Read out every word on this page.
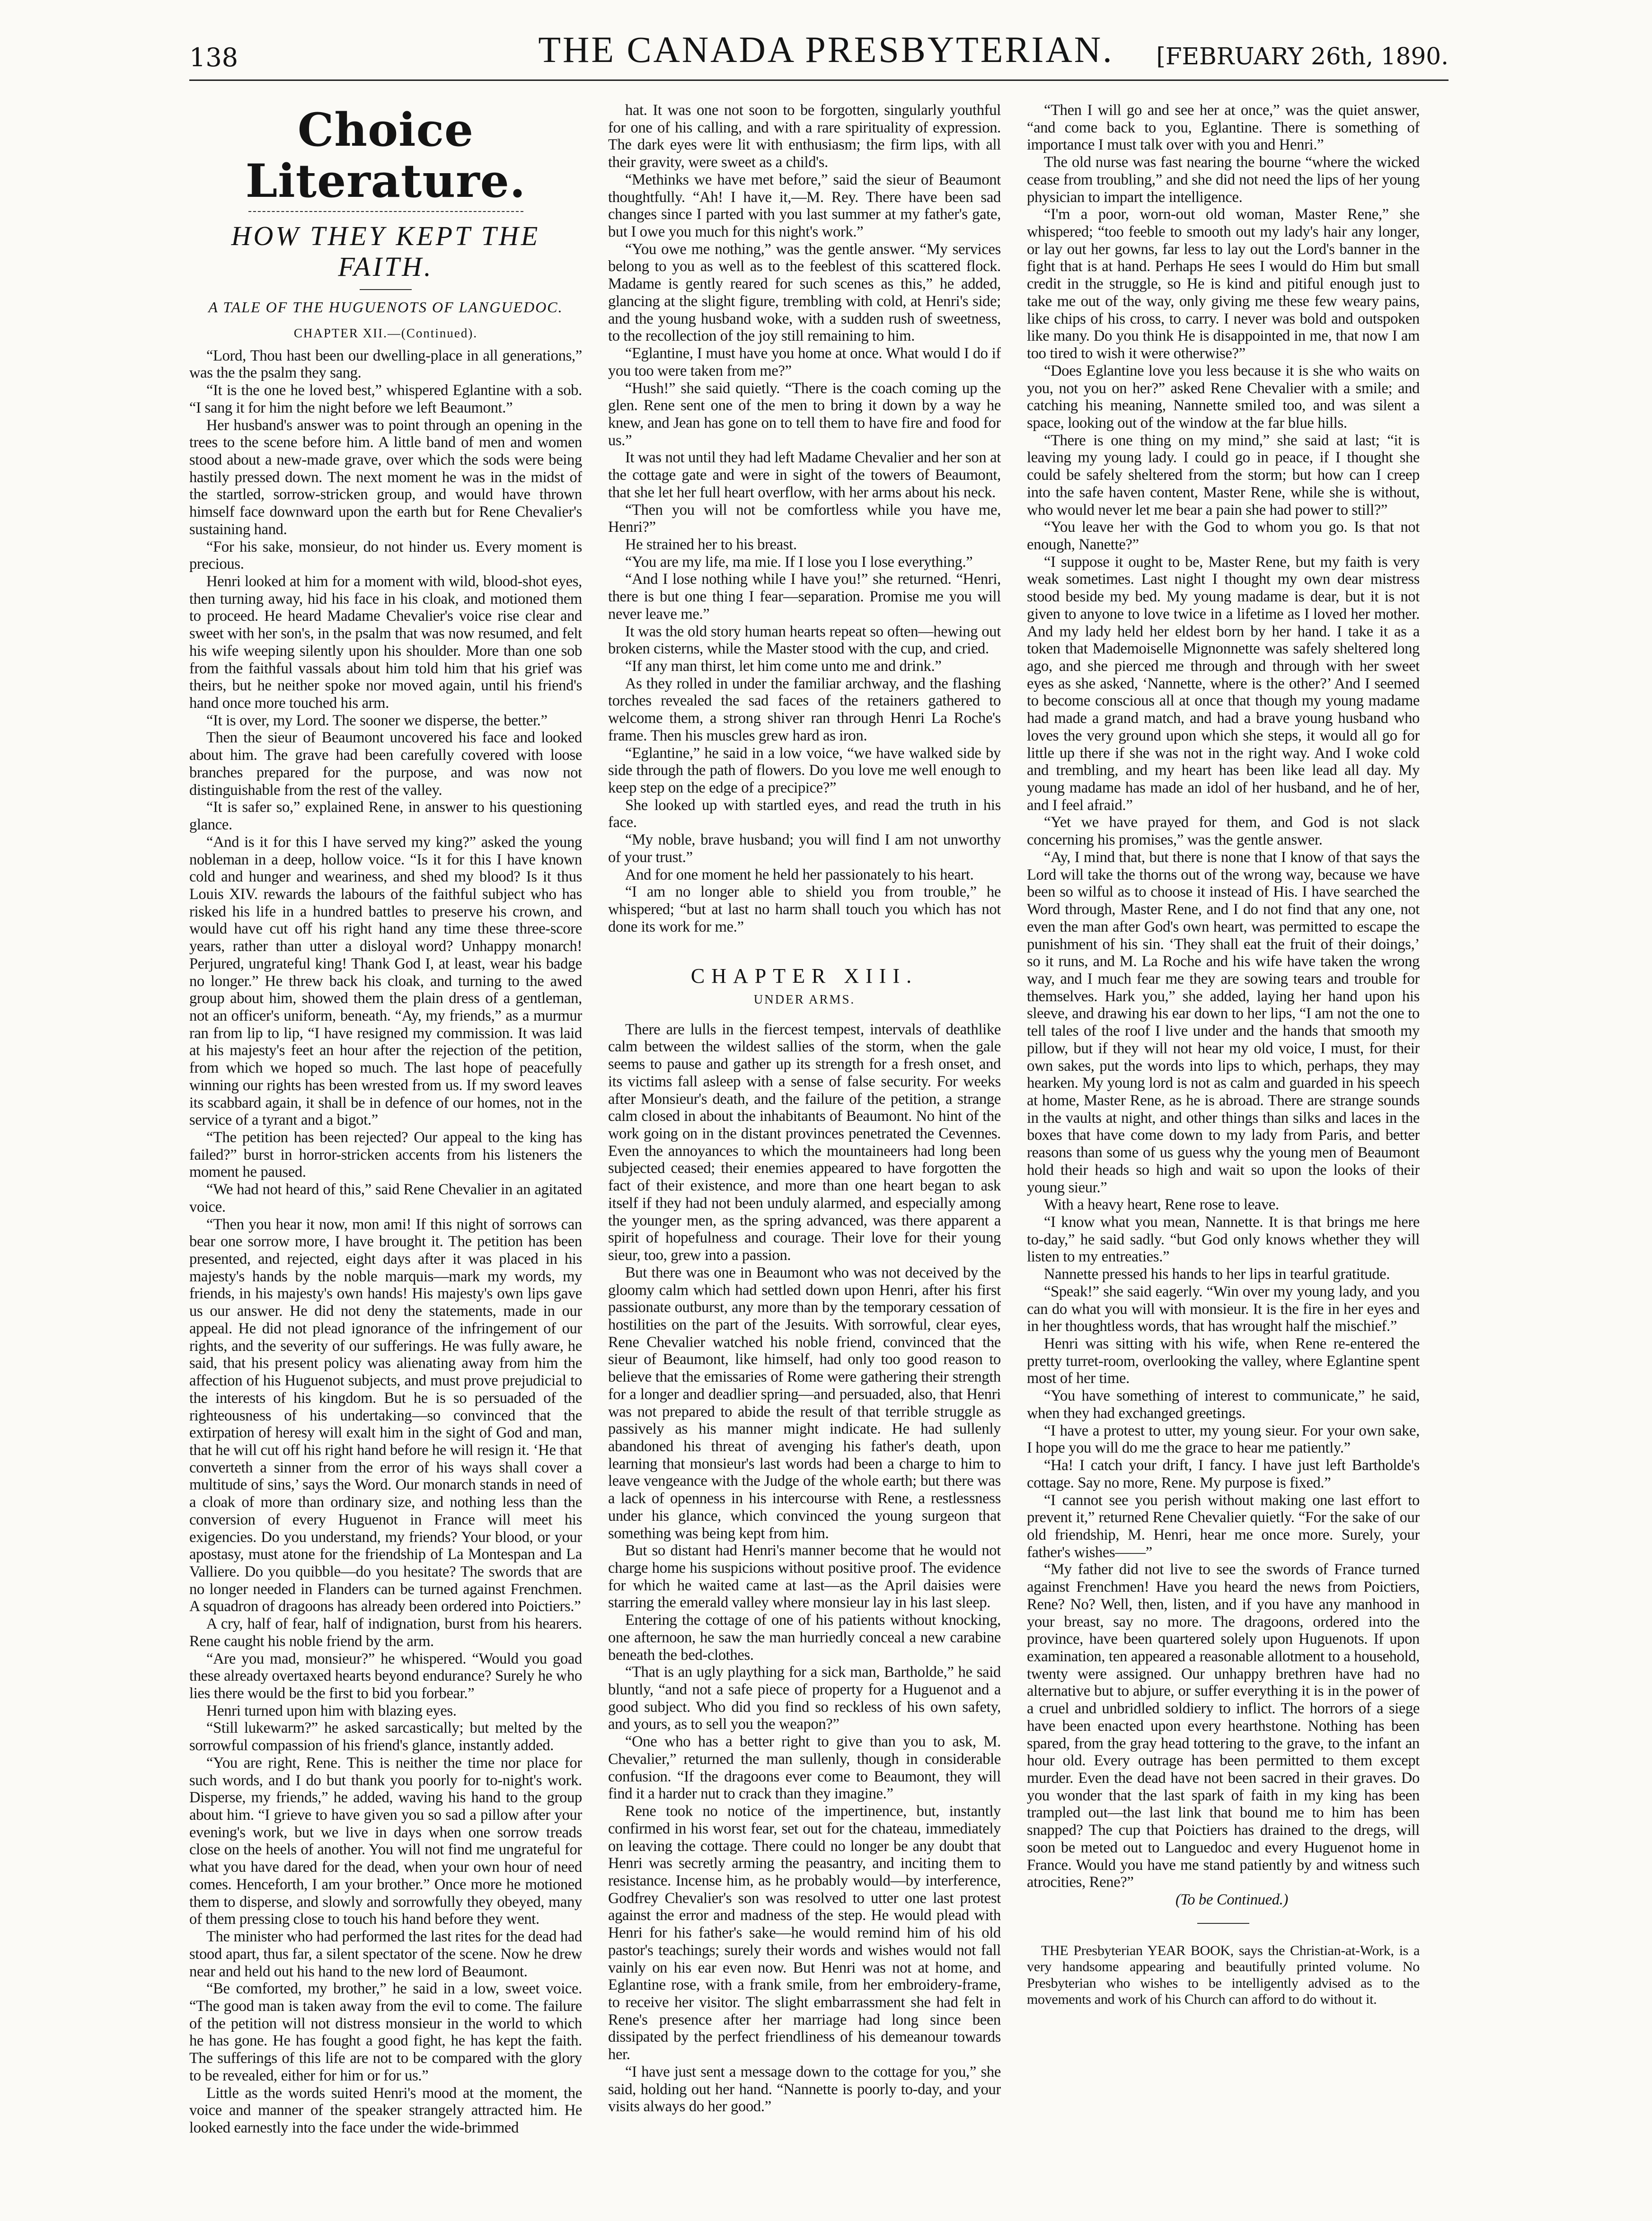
138	THE CANADA PRESBYTERIAN.	[FEBRUARY 26th, 1890.
Choice Literature.
HOW THEY KEPT THE FAITH.
A TALE OF THE HUGUENOTS OF LANGUEDOC.
CHAPTER XII.—(Continued).

“Lord, Thou hast been our dwelling-place in all generations,” was the the psalm they sang.

“It is the one he loved best,” whispered Eglantine with a sob. “I sang it for him the night before we left Beaumont.”

Her husband's answer was to point through an opening in the trees to the scene before him. A little band of men and women stood about a new-made grave, over which the sods were being hastily pressed down. The next moment he was in the midst of the startled, sorrow-stricken group, and would have thrown himself face downward upon the earth but for Rene Chevalier's sustaining hand.

“For his sake, monsieur, do not hinder us. Every moment is precious.

Henri looked at him for a moment with wild, blood-shot eyes, then turning away, hid his face in his cloak, and motioned them to proceed. He heard Madame Chevalier's voice rise clear and sweet with her son's, in the psalm that was now resumed, and felt his wife weeping silently upon his shoulder. More than one sob from the faithful vassals about him told him that his grief was theirs, but he neither spoke nor moved again, until his friend's hand once more touched his arm.

“It is over, my Lord. The sooner we disperse, the better.”

Then the sieur of Beaumont uncovered his face and looked about him. The grave had been carefully covered with loose branches prepared for the purpose, and was now not distinguishable from the rest of the valley.

“It is safer so,” explained Rene, in answer to his questioning glance.

“And is it for this I have served my king?” asked the young nobleman in a deep, hollow voice. “Is it for this I have known cold and hunger and weariness, and shed my blood? Is it thus Louis XIV. rewards the labours of the faithful subject who has risked his life in a hundred battles to preserve his crown, and would have cut off his right hand any time these three-score years, rather than utter a disloyal word? Unhappy monarch! Perjured, ungrateful king! Thank God I, at least, wear his badge no longer.” He threw back his cloak, and turning to the awed group about him, showed them the plain dress of a gentleman, not an officer's uniform, beneath. “Ay, my friends,” as a murmur ran from lip to lip, “I have resigned my commission. It was laid at his majesty's feet an hour after the rejection of the petition, from which we hoped so much. The last hope of peacefully winning our rights has been wrested from us. If my sword leaves its scabbard again, it shall be in defence of our homes, not in the service of a tyrant and a bigot.”

“The petition has been rejected? Our appeal to the king has failed?” burst in horror-stricken accents from his listeners the moment he paused.

“We had not heard of this,” said Rene Chevalier in an agitated voice.

“Then you hear it now, mon ami! If this night of sorrows can bear one sorrow more, I have brought it. The petition has been presented, and rejected, eight days after it was placed in his majesty's hands by the noble marquis—mark my words, my friends, in his majesty's own hands! His majesty's own lips gave us our answer. He did not deny the statements, made in our appeal. He did not plead ignorance of the infringement of our rights, and the severity of our sufferings. He was fully aware, he said, that his present policy was alienating away from him the affection of his Huguenot subjects, and must prove prejudicial to the interests of his kingdom. But he is so persuaded of the righteousness of his undertaking—so convinced that the extirpation of heresy will exalt him in the sight of God and man, that he will cut off his right hand before he will resign it. ‘He that converteth a sinner from the error of his ways shall cover a multitude of sins,’ says the Word. Our monarch stands in need of a cloak of more than ordinary size, and nothing less than the conversion of every Huguenot in France will meet his exigencies. Do you understand, my friends? Your blood, or your apostasy, must atone for the friendship of La Montespan and La Valliere. Do you quibble—do you hesitate? The swords that are no longer needed in Flanders can be turned against Frenchmen. A squadron of dragoons has already been ordered into Poictiers.”

A cry, half of fear, half of indignation, burst from his hearers. Rene caught his noble friend by the arm.

“Are you mad, monsieur?” he whispered. “Would you goad these already overtaxed hearts beyond endurance? Surely he who lies there would be the first to bid you forbear.”

Henri turned upon him with blazing eyes.

“Still lukewarm?” he asked sarcastically; but melted by the sorrowful compassion of his friend's glance, instantly added.

“You are right, Rene. This is neither the time nor place for such words, and I do but thank you poorly for to-night's work. Disperse, my friends,” he added, waving his hand to the group about him. “I grieve to have given you so sad a pillow after your evening's work, but we live in days when one sorrow treads close on the heels of another. You will not find me ungrateful for what you have dared for the dead, when your own hour of need comes. Henceforth, I am your brother.” Once more he motioned them to disperse, and slowly and sorrowfully they obeyed, many of them pressing close to touch his hand before they went.

The minister who had performed the last rites for the dead had stood apart, thus far, a silent spectator of the scene. Now he drew near and held out his hand to the new lord of Beaumont.

“Be comforted, my brother,” he said in a low, sweet voice. “The good man is taken away from the evil to come. The failure of the petition will not distress monsieur in the world to which he has gone. He has fought a good fight, he has kept the faith. The sufferings of this life are not to be compared with the glory to be revealed, either for him or for us.”

Little as the words suited Henri's mood at the moment, the voice and manner of the speaker strangely attracted him. He looked earnestly into the face under the wide-brimmed

hat. It was one not soon to be forgotten, singularly youthful for one of his calling, and with a rare spirituality of expression. The dark eyes were lit with enthusiasm; the firm lips, with all their gravity, were sweet as a child's.

“Methinks we have met before,” said the sieur of Beaumont thoughtfully. “Ah! I have it,—M. Rey. There have been sad changes since I parted with you last summer at my father's gate, but I owe you much for this night's work.”

“You owe me nothing,” was the gentle answer. “My services belong to you as well as to the feeblest of this scattered flock. Madame is gently reared for such scenes as this,” he added, glancing at the slight figure, trembling with cold, at Henri's side; and the young husband woke, with a sudden rush of sweetness, to the recollection of the joy still remaining to him.

“Eglantine, I must have you home at once. What would I do if you too were taken from me?”

“Hush!” she said quietly. “There is the coach coming up the glen. Rene sent one of the men to bring it down by a way he knew, and Jean has gone on to tell them to have fire and food for us.”

It was not until they had left Madame Chevalier and her son at the cottage gate and were in sight of the towers of Beaumont, that she let her full heart overflow, with her arms about his neck.

“Then you will not be comfortless while you have me, Henri?”

He strained her to his breast.

“You are my life, ma mie. If I lose you I lose everything.”

“And I lose nothing while I have you!” she returned. “Henri, there is but one thing I fear—separation. Promise me you will never leave me.”

It was the old story human hearts repeat so often—hewing out broken cisterns, while the Master stood with the cup, and cried.

“If any man thirst, let him come unto me and drink.”

As they rolled in under the familiar archway, and the flashing torches revealed the sad faces of the retainers gathered to welcome them, a strong shiver ran through Henri La Roche's frame. Then his muscles grew hard as iron.

“Eglantine,” he said in a low voice, “we have walked side by side through the path of flowers. Do you love me well enough to keep step on the edge of a precipice?”

She looked up with startled eyes, and read the truth in his face.

“My noble, brave husband; you will find I am not unworthy of your trust.”

And for one moment he held her passionately to his heart.

“I am no longer able to shield you from trouble,” he whispered; “but at last no harm shall touch you which has not done its work for me.”

CHAPTER XIII.
UNDER ARMS.

There are lulls in the fiercest tempest, intervals of deathlike calm between the wildest sallies of the storm, when the gale seems to pause and gather up its strength for a fresh onset, and its victims fall asleep with a sense of false security. For weeks after Monsieur's death, and the failure of the petition, a strange calm closed in about the inhabitants of Beaumont. No hint of the work going on in the distant provinces penetrated the Cevennes. Even the annoyances to which the mountaineers had long been subjected ceased; their enemies appeared to have forgotten the fact of their existence, and more than one heart began to ask itself if they had not been unduly alarmed, and especially among the younger men, as the spring advanced, was there apparent a spirit of hopefulness and courage. Their love for their young sieur, too, grew into a passion.

But there was one in Beaumont who was not deceived by the gloomy calm which had settled down upon Henri, after his first passionate outburst, any more than by the temporary cessation of hostilities on the part of the Jesuits. With sorrowful, clear eyes, Rene Chevalier watched his noble friend, convinced that the sieur of Beaumont, like himself, had only too good reason to believe that the emissaries of Rome were gathering their strength for a longer and deadlier spring—and persuaded, also, that Henri was not prepared to abide the result of that terrible struggle as passively as his manner might indicate. He had sullenly abandoned his threat of avenging his father's death, upon learning that monsieur's last words had been a charge to him to leave vengeance with the Judge of the whole earth; but there was a lack of openness in his intercourse with Rene, a restlessness under his glance, which convinced the young surgeon that something was being kept from him.

But so distant had Henri's manner become that he would not charge home his suspicions without positive proof. The evidence for which he waited came at last—as the April daisies were starring the emerald valley where monsieur lay in his last sleep.

Entering the cottage of one of his patients without knocking, one afternoon, he saw the man hurriedly conceal a new carabine beneath the bed-clothes.

“That is an ugly plaything for a sick man, Bartholde,” he said bluntly, “and not a safe piece of property for a Huguenot and a good subject. Who did you find so reckless of his own safety, and yours, as to sell you the weapon?”

“One who has a better right to give than you to ask, M. Chevalier,” returned the man sullenly, though in considerable confusion. “If the dragoons ever come to Beaumont, they will find it a harder nut to crack than they imagine.”

Rene took no notice of the impertinence, but, instantly confirmed in his worst fear, set out for the chateau, immediately on leaving the cottage. There could no longer be any doubt that Henri was secretly arming the peasantry, and inciting them to resistance. Incense him, as he probably would—by interference, Godfrey Chevalier's son was resolved to utter one last protest against the error and madness of the step. He would plead with Henri for his father's sake—he would remind him of his old pastor's teachings; surely their words and wishes would not fall vainly on his ear even now. But Henri was not at home, and Eglantine rose, with a frank smile, from her embroidery-frame, to receive her visitor. The slight embarrassment she had felt in Rene's presence after her marriage had long since been dissipated by the perfect friendliness of his demeanour towards her.

“I have just sent a message down to the cottage for you,” she said, holding out her hand. “Nannette is poorly to-day, and your visits always do her good.”

“Then I will go and see her at once,” was the quiet answer, “and come back to you, Eglantine. There is something of importance I must talk over with you and Henri.”

The old nurse was fast nearing the bourne “where the wicked cease from troubling,” and she did not need the lips of her young physician to impart the intelligence.

“I'm a poor, worn-out old woman, Master Rene,” she whispered; “too feeble to smooth out my lady's hair any longer, or lay out her gowns, far less to lay out the Lord's banner in the fight that is at hand. Perhaps He sees I would do Him but small credit in the struggle, so He is kind and pitiful enough just to take me out of the way, only giving me these few weary pains, like chips of his cross, to carry. I never was bold and outspoken like many. Do you think He is disappointed in me, that now I am too tired to wish it were otherwise?”

“Does Eglantine love you less because it is she who waits on you, not you on her?” asked Rene Chevalier with a smile; and catching his meaning, Nannette smiled too, and was silent a space, looking out of the window at the far blue hills.

“There is one thing on my mind,” she said at last; “it is leaving my young lady. I could go in peace, if I thought she could be safely sheltered from the storm; but how can I creep into the safe haven content, Master Rene, while she is without, who would never let me bear a pain she had power to still?”

“You leave her with the God to whom you go. Is that not enough, Nanette?”

“I suppose it ought to be, Master Rene, but my faith is very weak sometimes. Last night I thought my own dear mistress stood beside my bed. My young madame is dear, but it is not given to anyone to love twice in a lifetime as I loved her mother. And my lady held her eldest born by her hand. I take it as a token that Mademoiselle Mignonnette was safely sheltered long ago, and she pierced me through and through with her sweet eyes as she asked, ‘Nannette, where is the other?’ And I seemed to become conscious all at once that though my young madame had made a grand match, and had a brave young husband who loves the very ground upon which she steps, it would all go for little up there if she was not in the right way. And I woke cold and trembling, and my heart has been like lead all day. My young madame has made an idol of her husband, and he of her, and I feel afraid.”

“Yet we have prayed for them, and God is not slack concerning his promises,” was the gentle answer.

“Ay, I mind that, but there is none that I know of that says the Lord will take the thorns out of the wrong way, because we have been so wilful as to choose it instead of His. I have searched the Word through, Master Rene, and I do not find that any one, not even the man after God's own heart, was permitted to escape the punishment of his sin. ‘They shall eat the fruit of their doings,’ so it runs, and M. La Roche and his wife have taken the wrong way, and I much fear me they are sowing tears and trouble for themselves. Hark you,” she added, laying her hand upon his sleeve, and drawing his ear down to her lips, “I am not the one to tell tales of the roof I live under and the hands that smooth my pillow, but if they will not hear my old voice, I must, for their own sakes, put the words into lips to which, perhaps, they may hearken. My young lord is not as calm and guarded in his speech at home, Master Rene, as he is abroad. There are strange sounds in the vaults at night, and other things than silks and laces in the boxes that have come down to my lady from Paris, and better reasons than some of us guess why the young men of Beaumont hold their heads so high and wait so upon the looks of their young sieur.”

With a heavy heart, Rene rose to leave.

“I know what you mean, Nannette. It is that brings me here to-day,” he said sadly. “but God only knows whether they will listen to my entreaties.”

Nannette pressed his hands to her lips in tearful gratitude.

“Speak!” she said eagerly. “Win over my young lady, and you can do what you will with monsieur. It is the fire in her eyes and in her thoughtless words, that has wrought half the mischief.”

Henri was sitting with his wife, when Rene re-entered the pretty turret-room, overlooking the valley, where Eglantine spent most of her time.

“You have something of interest to communicate,” he said, when they had exchanged greetings.

“I have a protest to utter, my young sieur. For your own sake, I hope you will do me the grace to hear me patiently.”

“Ha! I catch your drift, I fancy. I have just left Bartholde's cottage. Say no more, Rene. My purpose is fixed.”

“I cannot see you perish without making one last effort to prevent it,” returned Rene Chevalier quietly. “For the sake of our old friendship, M. Henri, hear me once more. Surely, your father's wishes——”

“My father did not live to see the swords of France turned against Frenchmen! Have you heard the news from Poictiers, Rene? No? Well, then, listen, and if you have any manhood in your breast, say no more. The dragoons, ordered into the province, have been quartered solely upon Huguenots. If upon examination, ten appeared a reasonable allotment to a household, twenty were assigned. Our unhappy brethren have had no alternative but to abjure, or suffer everything it is in the power of a cruel and unbridled soldiery to inflict. The horrors of a siege have been enacted upon every hearthstone. Nothing has been spared, from the gray head tottering to the grave, to the infant an hour old. Every outrage has been permitted to them except murder. Even the dead have not been sacred in their graves. Do you wonder that the last spark of faith in my king has been trampled out—the last link that bound me to him has been snapped? The cup that Poictiers has drained to the dregs, will soon be meted out to Languedoc and every Huguenot home in France. Would you have me stand patiently by and witness such atrocities, Rene?”

(To be Continued.)

THE Presbyterian YEAR BOOK, says the Christian-at-Work, is a very handsome appearing and beautifully printed volume. No Presbyterian who wishes to be intelligently advised as to the movements and work of his Church can afford to do without it.
